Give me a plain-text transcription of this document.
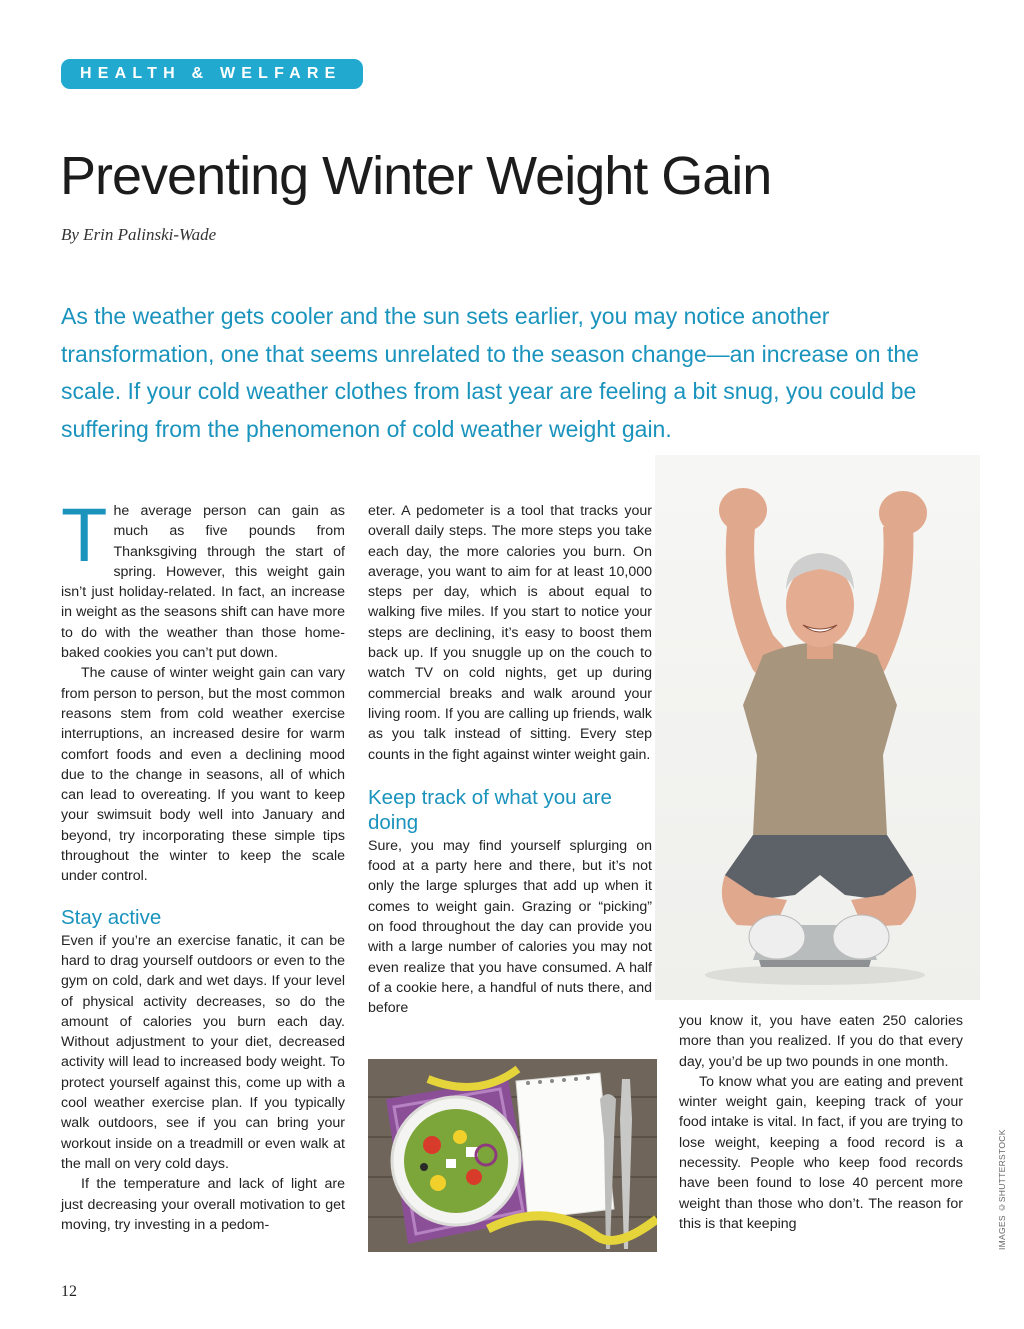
HEALTH & WELFARE
Preventing Winter Weight Gain
By Erin Palinski-Wade

As the weather gets cooler and the sun sets earlier, you may notice another transformation, one that seems unrelated to the season change—an increase on the scale. If your cold weather clothes from last year are feeling a bit snug, you could be suffering from the phenomenon of cold weather weight gain.

The average person can gain as much as five pounds from Thanksgiving through the start of spring. However, this weight gain isn’t just holiday-related. In fact, an increase in weight as the seasons shift can have more to do with the weather than those home-baked cookies you can’t put down.

The cause of winter weight gain can vary from person to person, but the most common reasons stem from cold weather exercise interruptions, an increased desire for warm comfort foods and even a declining mood due to the change in seasons, all of which can lead to overeating. If you want to keep your swimsuit body well into January and beyond, try incorporating these simple tips throughout the winter to keep the scale under control.

Stay active

Even if you’re an exercise fanatic, it can be hard to drag yourself outdoors or even to the gym on cold, dark and wet days. If your level of physical activity decreases, so do the amount of calories you burn each day. Without adjustment to your diet, decreased activity will lead to increased body weight. To protect yourself against this, come up with a cool weather exercise plan. If you typically walk outdoors, see if you can bring your workout inside on a treadmill or even walk at the mall on very cold days.

If the temperature and lack of light are just decreasing your overall motivation to get moving, try investing in a pedom-

eter. A pedometer is a tool that tracks your overall daily steps. The more steps you take each day, the more calories you burn. On average, you want to aim for at least 10,000 steps per day, which is about equal to walking five miles. If you start to notice your steps are declining, it’s easy to boost them back up. If you snuggle up on the couch to watch TV on cold nights, get up during commercial breaks and walk around your living room. If you are calling up friends, walk as you talk instead of sitting. Every step counts in the fight against winter weight gain.

Keep track of what you are doing

Sure, you may find yourself splurging on food at a party here and there, but it’s not only the large splurges that add up when it comes to weight gain. Grazing or “picking” on food throughout the day can provide you with a large number of calories you may not even realize that you have consumed. A half of a cookie here, a handful of nuts there, and before

you know it, you have eaten 250 calories more than you realized. If you do that every day, you’d be up two pounds in one month.

To know what you are eating and prevent winter weight gain, keeping track of your food intake is vital. In fact, if you are trying to lose weight, keeping a food record is a necessity. People who keep food records have been found to lose 40 percent more weight than those who don’t. The reason for this is that keeping	IMAGES ©SHUTTERSTOCK
12
